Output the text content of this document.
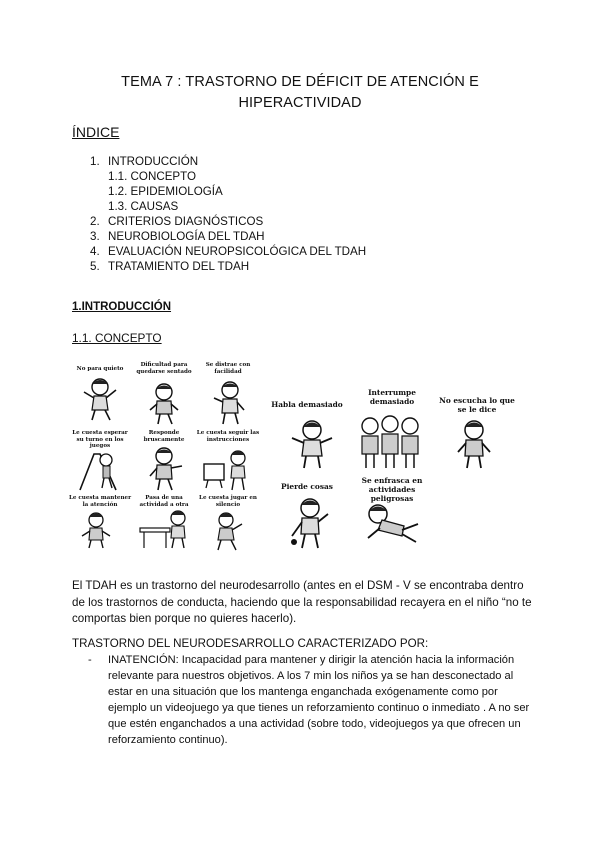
TEMA 7 : TRASTORNO DE DÉFICIT DE ATENCIÓN E
HIPERACTIVIDAD
ÍNDICE
1. INTRODUCCIÓN
1.1. CONCEPTO
1.2. EPIDEMIOLOGÍA
1.3. CAUSAS
2. CRITERIOS DIAGNÓSTICOS
3. NEUROBIOLOGÍA DEL TDAH
4. EVALUACIÓN NEUROPSICOLÓGICA DEL TDAH
5. TRATAMIENTO DEL TDAH
1.INTRODUCCIÓN
1.1. CONCEPTO
No para quieto
Dificultad para quedarse sentado
Se distrae con facilidad
Le cuesta esperar su turno en los juegos
Responde bruscamente
Le cuesta seguir las instrucciones
Le cuesta mantener la atención
Pasa de una actividad a otra
Le cuesta jugar en silencio
Habla demasiado
Interrumpe demasiado	No escucha lo que se le dice
Pierde cosas
Se enfrasca en actividades peligrosas
El TDAH es un trastorno del neurodesarrollo (antes en el DSM - V se encontraba dentro de los trastornos de conducta, haciendo que la responsabilidad recayera en el niño “no te comportas bien porque no quieres hacerlo).
TRASTORNO DEL NEURODESARROLLO CARACTERIZADO POR:
- INATENCIÓN: Incapacidad para mantener y dirigir la atención hacia la información relevante para nuestros objetivos. A los 7 min los niños ya se han desconectado al estar en una situación que los mantenga enganchada exógenamente como por ejemplo un videojuego ya que tienes un reforzamiento continuo o inmediato . A no ser que estén enganchados a una actividad (sobre todo, videojuegos ya que ofrecen un reforzamiento continuo).
